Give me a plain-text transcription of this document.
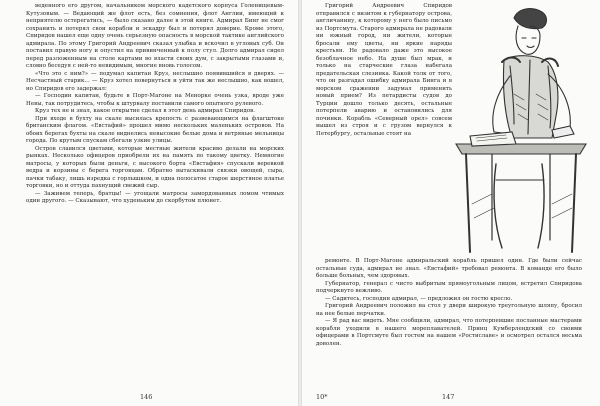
веденного его другом, начальником морского кадетского корпуса Голенищевым-Кутузовым. — Ведающий же флот есть, без сомнения, флот Англии, имеющий к неприятелю остерегатись, — было сказано далее в этой книге. Адмирал Бинг не смог сохранить и потерял свои корабли и эскадру был и потерял доверие. Кроме этого, Спиридов нашел еще одну очень серьезную опасность в морской тактике английского адмирала. По этому Григорий Андреевич сказал улыбка и вскочил в угловых суб. Он поставил правую ногу и опустил на привинченный к полу стул. Долго адмирал сидел перед разложенным на столе картами во власти своих дум, с закрытыми глазами и, словно беседуя с ней-то невидимым, многие вновь голосом.

«Что это с ним?» — подумал капитан Круз, неслышно появившийся в дверях. — Несчастный старик... — Круз хотел повернуться и уйти так же неслышно, как вошел, но Спиридов его задержал:

— Господин капитан, будьте в Порт-Магоне на Менорке очень узка, вроде уже Невы, так потрудитесь, чтобы к штурвалу поставили самого опытного рулевого.

Круз тех не и знал, какое открытие сделал в этот день адмирал Спиридов.

При входе в бухту на скале высилась крепость с развевающимся на флагштоке британским флагом. «Евстафий» прошел мимо нескольких маленьких островов. На обоих берегах бухты на скале виднелись невысокие белые дома и ветряные мельницы города. По крутым спускам сбегали узкие улицы.

Остров славился цветами, которые местные жители красиво делали на морских рынках. Несколько офицеров приобрели их на память по такому цветку. Немногие матросы, у которых были деньги, с высокого борта «Евстафия» спускали веревкой ведра и корзины с берега торговцам. Обратно вытаскивали связки овощей, сыра, пачки табаку, лишь изредка с горлышком, и одна полосатое старое шерстяное платье торговки, но и оттуда пахнущий свежий сыр.

— Заживем теперь, братцы! — угощали матросы замордованных ломом чтимых один другого. — Сказывают, что худеньким до скорбутом плюнет.

146

Григорий Андреевич Спиридов отправился с визитом к губернатору острова, англичанину, к которому у него было письмо из Портсмута. Старого адмирала не радовали ни южный город, ни жители, которые бросали ему цветы, ни яркие наряды крестьян. Не радовало даже это высокое безоблачное небо. На душе был мрак, и только на старческие глаза набегала предательская слезинка. Какой толк от того, что он разгадал ошибку адмирала Бинга и в морском сражении задумал применить новый прием? Из петардисты судов до Турции дошло только десять, остальные потерпели аварию и остановились для починки. Корабль «Северный орел» совсем вышел из строя и с грузом вернулся к Петербургу, остальные стоят на

ремонте. В Порт-Магоне адмиральский корабль пришел один. Где были сейчас остальные суда, адмирал не знал. «Евстафий» требовал ремонта. В команде его было больше больных, чем здоровых.

Губернатор, генерал с чисто выбритым прямоугольным лицом, встретил Спиридова подчеркнуто вежливо.

— Садитесь, господин адмирал, — предложил он гостю кресло.

Григорий Андреевич положил на стол у двери широкую треугольную шляпу, бросил на нее белые перчатки.

— Я рад вас видеть. Мне сообщили, адмирал, что потерпевшие посланные мастерами корабли уходили в нашего мореплавателей. Принц Кумберлендский со своими офицерами в Портсмуте был гостем на нашем «Ростиславе» и осмотрел остался весьма доволен.

10*	147
